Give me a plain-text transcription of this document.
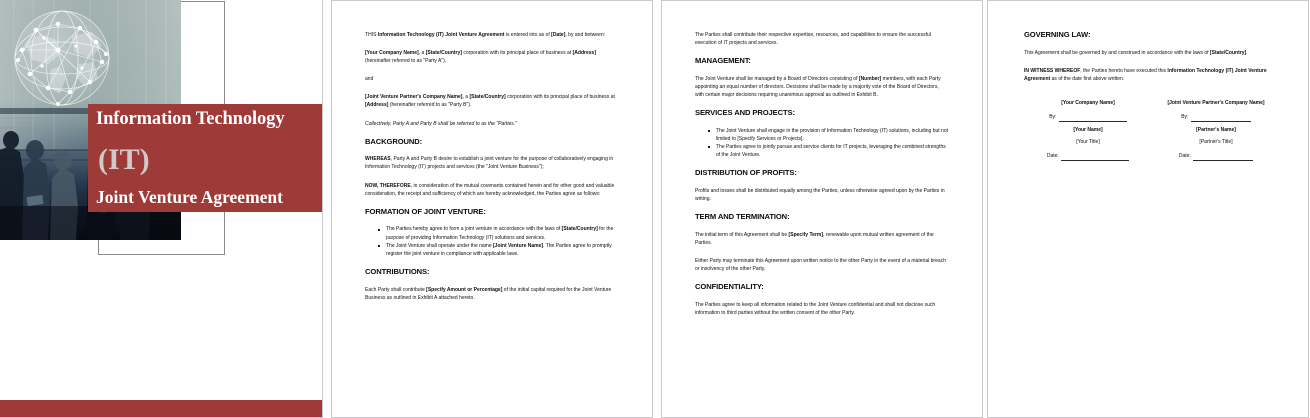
Information Technology
(IT)
Joint Venture Agreement

THIS Information Technology (IT) Joint Venture Agreement is entered into as of [Date], by and between:

[Your Company Name], a [State/Country] corporation with its principal place of business at [Address] (hereinafter referred to as "Party A"),

and

[Joint Venture Partner's Company Name], a [State/Country] corporation with its principal place of business at [Address] (hereinafter referred to as "Party B").

Collectively, Party A and Party B shall be referred to as the "Parties."

BACKGROUND:

WHEREAS, Party A and Party B desire to establish a joint venture for the purpose of collaboratively engaging in Information Technology (IT) projects and services (the "Joint Venture Business");

NOW, THEREFORE, in consideration of the mutual covenants contained herein and for other good and valuable consideration, the receipt and sufficiency of which are hereby acknowledged, the Parties agree as follows:

FORMATION OF JOINT VENTURE:
The Parties hereby agree to form a joint venture in accordance with the laws of [State/Country] for the purpose of providing Information Technology (IT) solutions and services.
The Joint Venture shall operate under the name [Joint Venture Name]. The Parties agree to promptly register the joint venture in compliance with applicable laws.
CONTRIBUTIONS:

Each Party shall contribute [Specify Amount or Percentage] of the initial capital required for the Joint Venture Business as outlined in Exhibit A attached hereto.

The Parties shall contribute their respective expertise, resources, and capabilities to ensure the successful execution of IT projects and services.

MANAGEMENT:

The Joint Venture shall be managed by a Board of Directors consisting of [Number] members, with each Party appointing an equal number of directors. Decisions shall be made by a majority vote of the Board of Directors, with certain major decisions requiring unanimous approval as outlined in Exhibit B.

SERVICES AND PROJECTS:
The Joint Venture shall engage in the provision of Information Technology (IT) solutions, including but not limited to [Specify Services or Projects].
The Parties agree to jointly pursue and service clients for IT projects, leveraging the combined strengths of the Joint Venture.
DISTRIBUTION OF PROFITS:

Profits and losses shall be distributed equally among the Parties, unless otherwise agreed upon by the Parties in writing.

TERM AND TERMINATION:

The initial term of this Agreement shall be [Specify Term], renewable upon mutual written agreement of the Parties.

Either Party may terminate this Agreement upon written notice to the other Party in the event of a material breach or insolvency of the other Party.

CONFIDENTIALITY:

The Parties agree to keep all information related to the Joint Venture confidential and shall not disclose such information to third parties without the written consent of the other Party.

GOVERNING LAW:

This Agreement shall be governed by and construed in accordance with the laws of [State/Country].

IN WITNESS WHEREOF, the Parties hereto have executed this Information Technology (IT) Joint Venture Agreement as of the date first above written.

[Your Company Name]
By:
[Your Name]
[Your Title]
Date:
[Joint Venture Partner's Company Name]
By:
[Partner's Name]
[Partner's Title]
Date:
